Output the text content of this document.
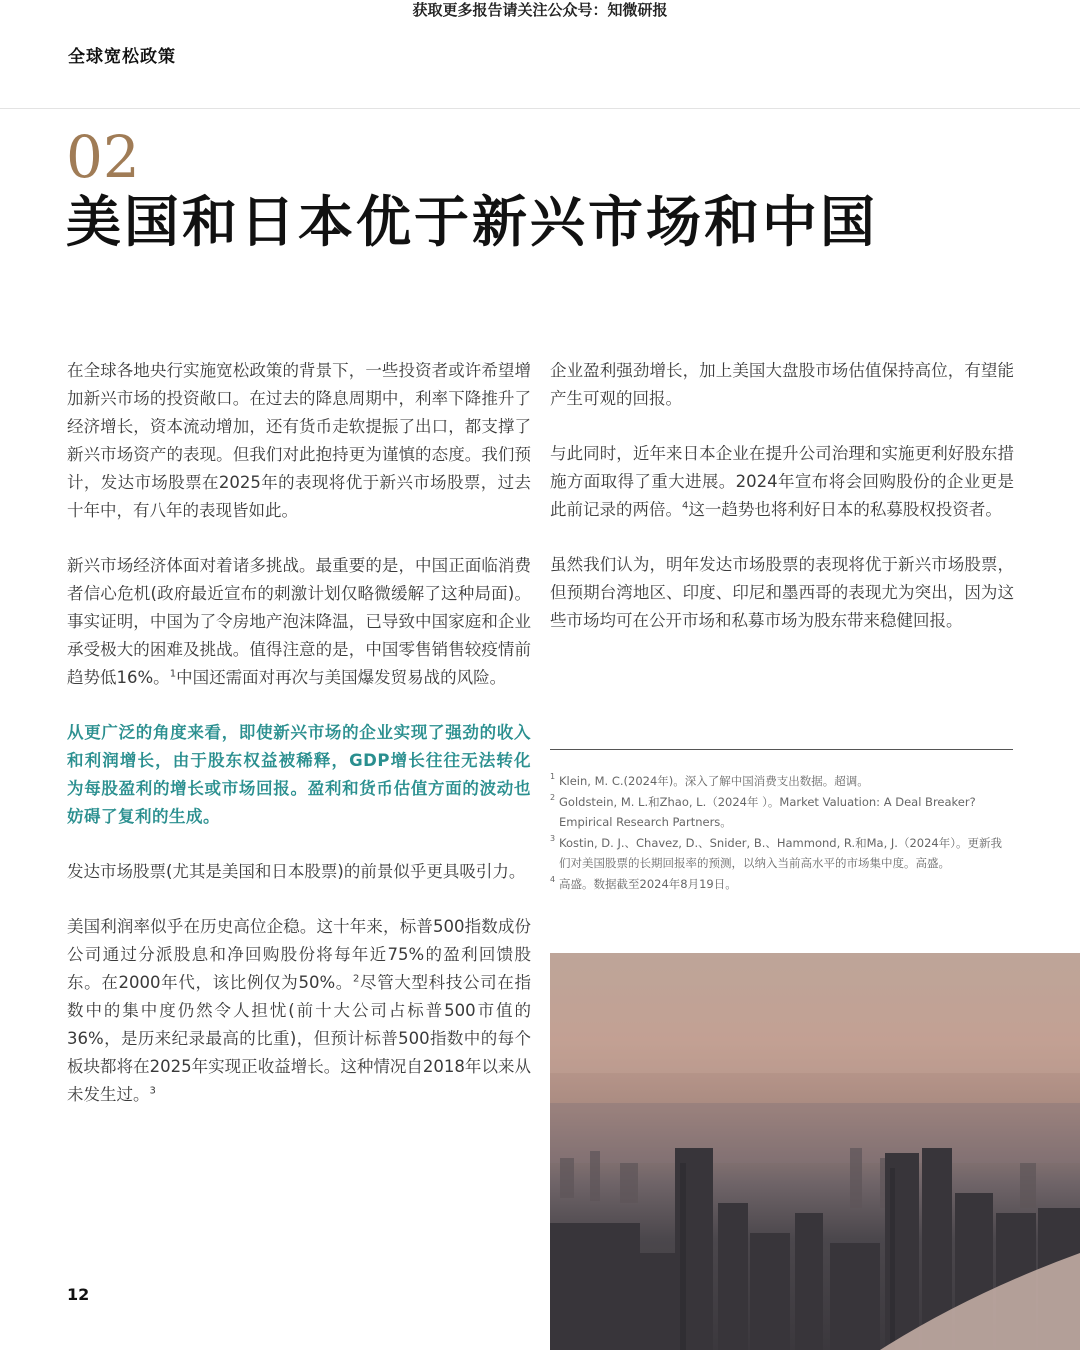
获取更多报告请关注公众号：知微研报
全球宽松政策
02
美国和日本优于新兴市场和中国

在全球各地央行实施宽松政策的背景下，一些投资者或许希望增加新兴市场的投资敞口。在过去的降息周期中，利率下降推升了经济增长，资本流动增加，还有货币走软提振了出口，都支撑了新兴市场资产的表现。但我们对此抱持更为谨慎的态度。我们预计，发达市场股票在2025年的表现将优于新兴市场股票，过去十年中，有八年的表现皆如此。

新兴市场经济体面对着诸多挑战。最重要的是，中国正面临消费者信心危机(政府最近宣布的刺激计划仅略微缓解了这种局面)。事实证明，中国为了令房地产泡沫降温，已导致中国家庭和企业承受极大的困难及挑战。值得注意的是，中国零售销售较疫情前趋势低16%。$^1$中国还需面对再次与美国爆发贸易战的风险。

从更广泛的角度来看，即使新兴市场的企业实现了强劲的收入和利润增长，由于股东权益被稀释，GDP增长往往无法转化为每股盈利的增长或市场回报。盈利和货币估值方面的波动也妨碍了复利的生成。

发达市场股票(尤其是美国和日本股票)的前景似乎更具吸引力。

美国利润率似乎在历史高位企稳。这十年来，标普500指数成份公司通过分派股息和净回购股份将每年近75%的盈利回馈股东。在2000年代，该比例仅为50%。$^2$尽管大型科技公司在指数中的集中度仍然令人担忧(前十大公司占标普500市值的36%，是历来纪录最高的比重)，但预计标普500指数中的每个板块都将在2025年实现正收益增长。这种情况自2018年以来从未发生过。$^3$

企业盈利强劲增长，加上美国大盘股市场估值保持高位，有望能产生可观的回报。

与此同时，近年来日本企业在提升公司治理和实施更利好股东措施方面取得了重大进展。2024年宣布将会回购股份的企业更是此前记录的两倍。$^4$这一趋势也将利好日本的私募股权投资者。

虽然我们认为，明年发达市场股票的表现将优于新兴市场股票，但预期台湾地区、印度、印尼和墨西哥的表现尤为突出，因为这些市场均可在公开市场和私募市场为股东带来稳健回报。

1 Klein, M. C.(2024年)。深入了解中国消费支出数据。超调。
2 Goldstein, M. L.和Zhao, L.（2024年 ）。Market Valuation: A Deal Breaker? Empirical Research Partners。
3 Kostin, D. J.、Chavez, D.、Snider, B.、Hammond, R.和Ma, J.（2024年）。更新我们对美国股票的长期回报率的预测，以纳入当前高水平的市场集中度。高盛。
4 高盛。数据截至2024年8月19日。
12
